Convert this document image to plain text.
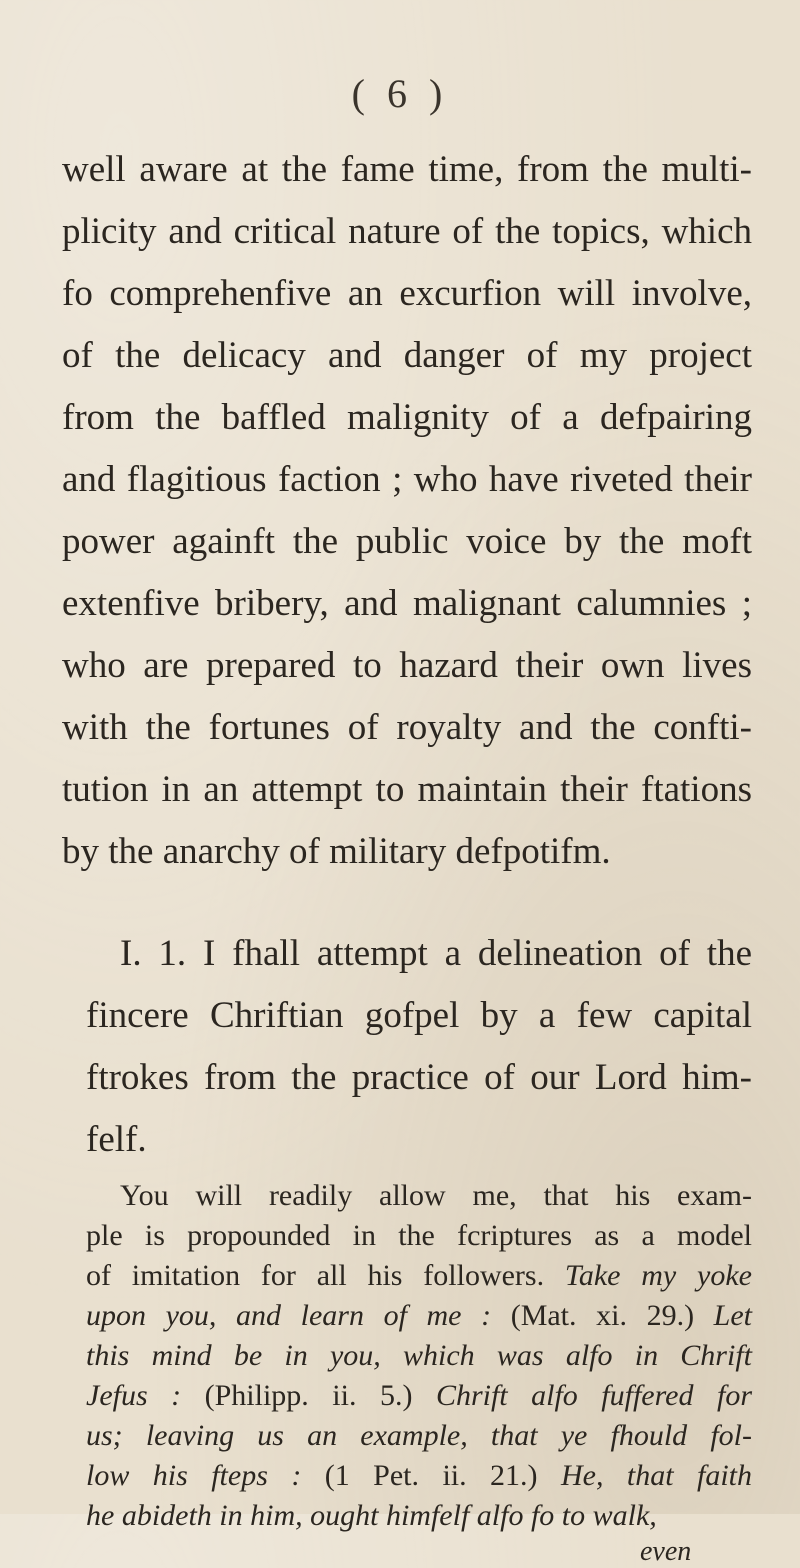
( 6 )
well aware at the fame time, from the multi-
plicity and critical nature of the topics, which
fo comprehenfive an excurfion will involve,
of the delicacy and danger of my project
from the baffled malignity of a defpairing
and flagitious faction ; who have riveted their
power againft the public voice by the moft
extenfive bribery, and malignant calumnies ;
who are prepared to hazard their own lives
with the fortunes of royalty and the confti-
tution in an attempt to maintain their ftations
by the anarchy of military defpotifm.
I. 1. I fhall attempt a delineation of the
fincere Chriftian gofpel by a few capital
ftrokes from the practice of our Lord him-
felf.
You will readily allow me, that his exam-
ple is propounded in the fcriptures as a model
of imitation for all his followers. Take my yoke
upon you, and learn of me : (Mat. xi. 29.) Let
this mind be in you, which was alfo in Chrift
Jefus : (Philipp. ii. 5.) Chrift alfo fuffered for
us; leaving us an example, that ye fhould fol-
low his fteps : (1 Pet. ii. 21.) He, that faith
he abideth in him, ought himfelf alfo fo to walk,
even
